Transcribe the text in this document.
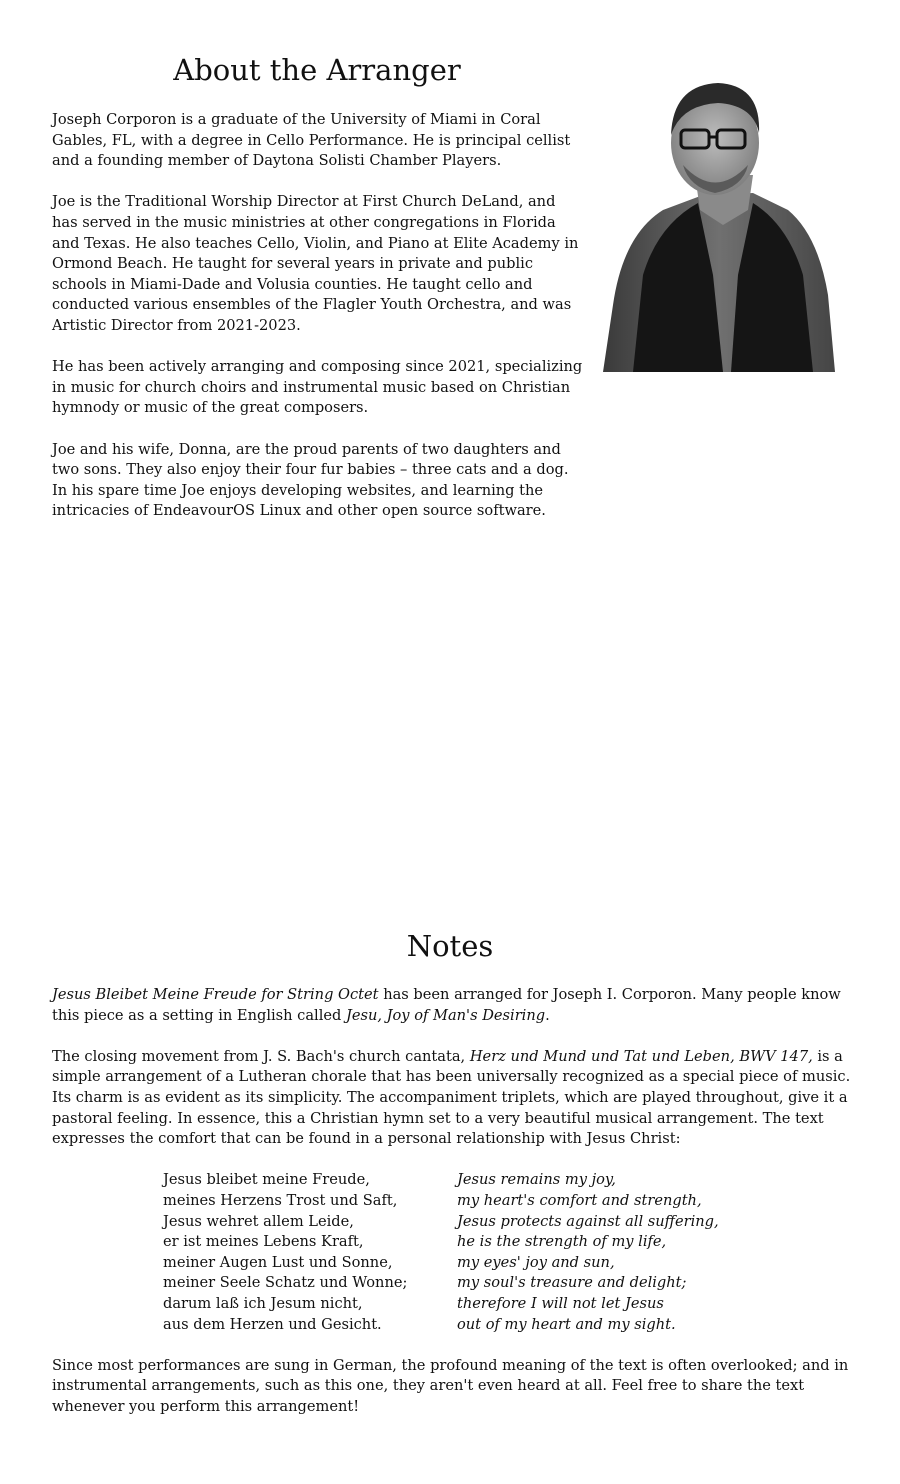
About the Arranger

Joseph Corporon is a graduate of the University of Miami in Coral
Gables, FL, with a degree in Cello Performance. He is principal cellist
and a founding member of Daytona Solisti Chamber Players.

Joe is the Traditional Worship Director at First Church DeLand, and
has served in the music ministries at other congregations in Florida
and Texas. He also teaches Cello, Violin, and Piano at Elite Academy in
Ormond Beach. He taught for several years in private and public
schools in Miami-Dade and Volusia counties. He taught cello and
conducted various ensembles of the Flagler Youth Orchestra, and was
Artistic Director from 2021-2023.

He has been actively arranging and composing since 2021, specializing
in music for church choirs and instrumental music based on Christian
hymnody or music of the great composers.

Joe and his wife, Donna, are the proud parents of two daughters and
two sons. They also enjoy their four fur babies – three cats and a dog.
In his spare time Joe enjoys developing websites, and learning the
intricacies of EndeavourOS Linux and other open source software.

Notes

Jesus Bleibet Meine Freude for String Octet has been arranged for Joseph I. Corporon. Many people know
this piece as a setting in English called Jesu, Joy of Man's Desiring.

The closing movement from J. S. Bach's church cantata, Herz und Mund und Tat und Leben, BWV 147, is a simple arrangement of a Lutheran chorale that has been universally recognized as a special piece of music. Its charm is as evident as its simplicity. The accompaniment triplets, which are played throughout, give it a pastoral feeling. In essence, this a Christian hymn set to a very beautiful musical arrangement. The text expresses the comfort that can be found in a personal relationship with Jesus Christ:

Jesus bleibet meine Freude,
meines Herzens Trost und Saft,
Jesus wehret allem Leide,
er ist meines Lebens Kraft,
meiner Augen Lust und Sonne,
meiner Seele Schatz und Wonne;
darum laß ich Jesum nicht,
aus dem Herzen und Gesicht.
Jesus remains my joy,
my heart's comfort and strength,
Jesus protects against all suffering,
he is the strength of my life,
my eyes' joy and sun,
my soul's treasure and delight;
therefore I will not let Jesus
out of my heart and my sight.

Since most performances are sung in German, the profound meaning of the text is often overlooked; and in
instrumental arrangements, such as this one, they aren't even heard at all. Feel free to share the text
whenever you perform this arrangement!
